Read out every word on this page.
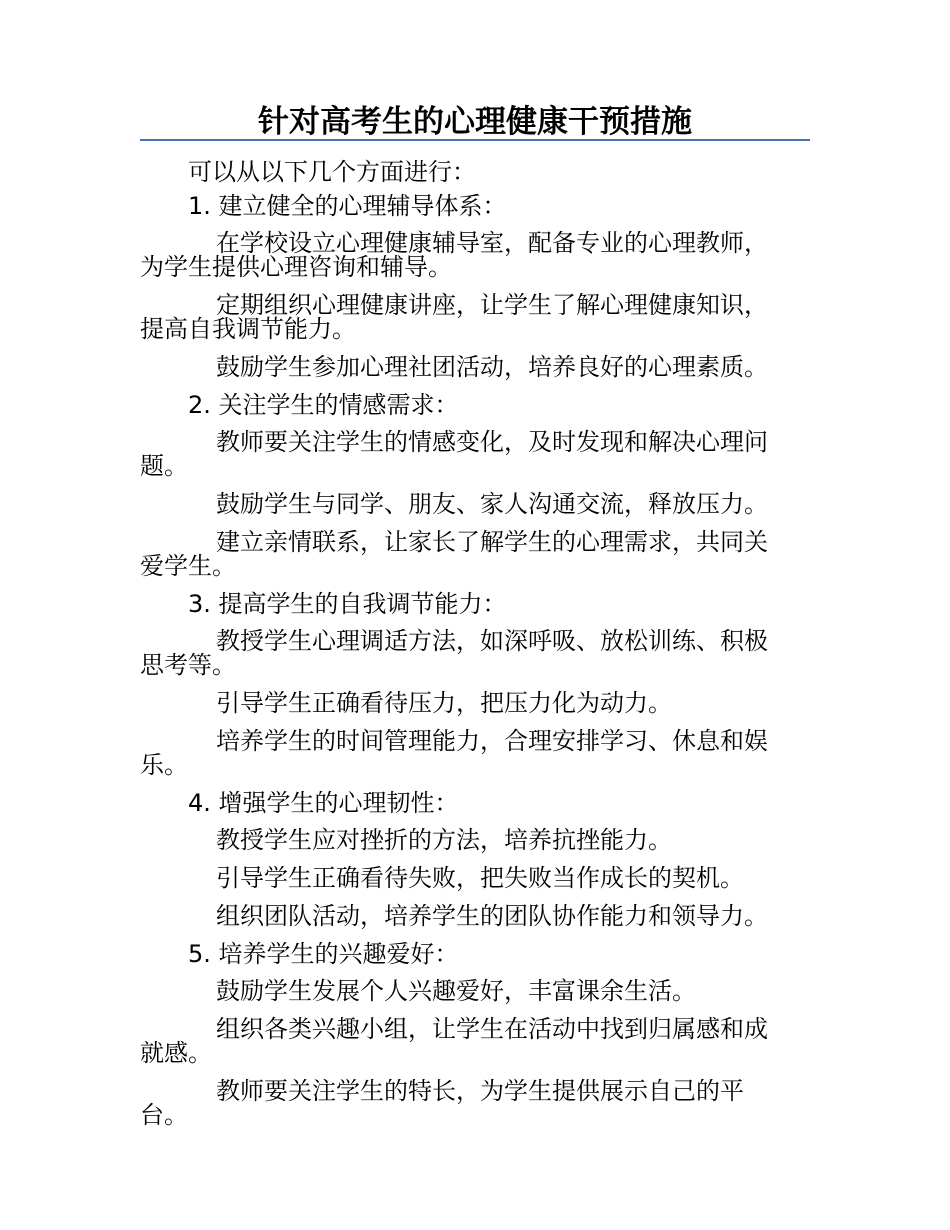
针对高考生的心理健康干预措施

可以从以下几个方面进行：

1. 建立健全的心理辅导体系：

在学校设立心理健康辅导室，配备专业的心理教师，
为学生提供心理咨询和辅导。

定期组织心理健康讲座，让学生了解心理健康知识，
提高自我调节能力。

鼓励学生参加心理社团活动，培养良好的心理素质。

2. 关注学生的情感需求：

教师要关注学生的情感变化，及时发现和解决心理问
题。

鼓励学生与同学、朋友、家人沟通交流，释放压力。

建立亲情联系，让家长了解学生的心理需求，共同关
爱学生。

3. 提高学生的自我调节能力：

教授学生心理调适方法，如深呼吸、放松训练、积极
思考等。

引导学生正确看待压力，把压力化为动力。

培养学生的时间管理能力，合理安排学习、休息和娱
乐。

4. 增强学生的心理韧性：

教授学生应对挫折的方法，培养抗挫能力。

引导学生正确看待失败，把失败当作成长的契机。

组织团队活动，培养学生的团队协作能力和领导力。

5. 培养学生的兴趣爱好：

鼓励学生发展个人兴趣爱好，丰富课余生活。

组织各类兴趣小组，让学生在活动中找到归属感和成
就感。

教师要关注学生的特长，为学生提供展示自己的平
台。
